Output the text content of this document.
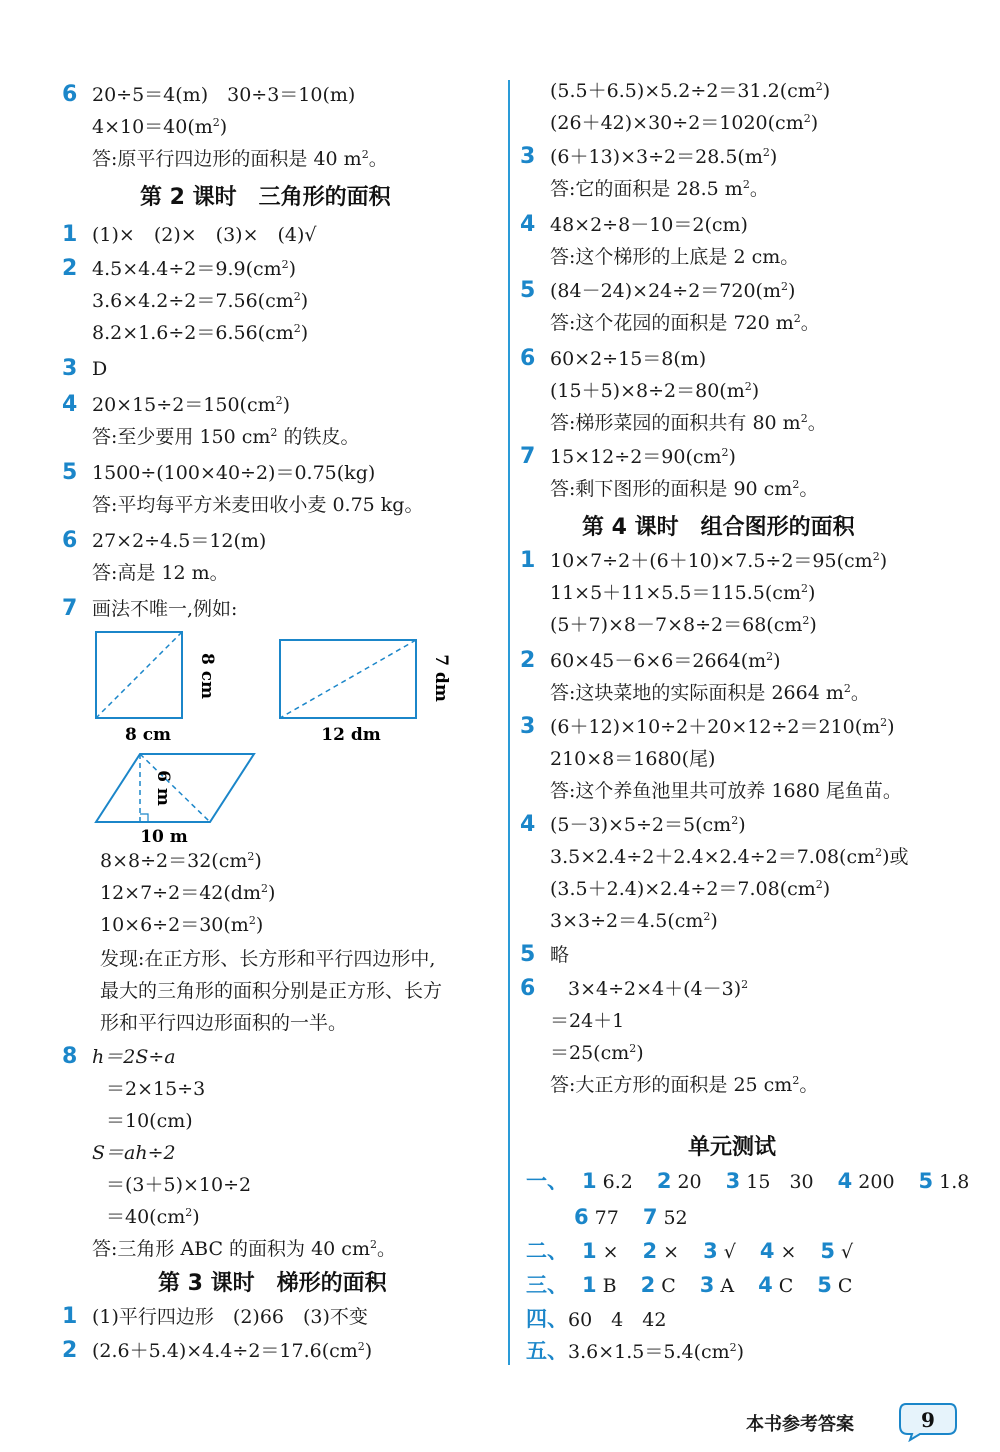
6 20÷5＝4(m)　30÷3＝10(m)
$4\times 10=40(m^2)$
答:原平行四边形的面积是 40 $m^2$。
第 2 课时　三角形的面积
1 (1)×　(2)×　(3)×　(4)√
2 $4.5\times 4.4\div 2=9.9(cm^2)$
$3.6\times 4.2\div 2=7.56(cm^2)$
$8.2\times 1.6\div 2=6.56(cm^2)$
3 D
4 $20\times 15\div 2=150(cm^2)$
答:至少要用 150 $cm^2$ 的铁皮。
5 1500÷(100×40÷2)＝0.75(kg)
答:平均每平方米麦田收小麦 0.75 kg。
6 27×2÷4.5＝12(m)
答:高是 12 m。
7 画法不唯一,例如:
8 cm
8 cm
7 dm
12 dm
6 m
10 m
$8\times 8\div 2=32(cm^2)$
$12\times 7\div 2=42(dm^2)$
$10\times 6\div 2=30(m^2)$
发现:在正方形、长方形和平行四边形中,
最大的三角形的面积分别是正方形、长方
形和平行四边形面积的一半。
8 h＝2S÷a
＝2×15÷3
＝10(cm)
S＝ah÷2
＝(3＋5)×10÷2
$=40(cm^2)$
答:三角形 ABC 的面积为 40 $cm^2$。
第 3 课时　梯形的面积
1 (1)平行四边形　(2)66　(3)不变
2 $(2.6+5.4)\times 4.4\div 2=17.6(cm^2)$
$(5.5+6.5)\times 5.2\div 2=31.2(cm^2)$
$(26+42)\times 30\div 2=1020(cm^2)$
3 $(6+13)\times 3\div 2=28.5(m^2)$
答:它的面积是 28.5 $m^2$。
4 48×2÷8－10＝2(cm)
答:这个梯形的上底是 2 cm。
5 $(84-24)\times 24\div 2=720(m^2)$
答:这个花园的面积是 720 $m^2$。
6 60×2÷15＝8(m)
$(15+5)\times 8\div 2=80(m^2)$
答:梯形菜园的面积共有 80 $m^2$。
7 $15\times 12\div 2=90(cm^2)$
答:剩下图形的面积是 90 $cm^2$。
第 4 课时　组合图形的面积
1 $10\times 7\div 2+(6+10)\times 7.5\div 2=95(cm^2)$
$11\times 5+11\times 5.5=115.5(cm^2)$
$(5+7)\times 8-7\times 8\div 2=68(cm^2)$
2 $60\times 45-6\times 6=2664(m^2)$
答:这块菜地的实际面积是 2664 $m^2$。
3 $(6+12)\times 10\div 2+20\times 12\div 2=210(m^2)$
210×8＝1680(尾)
答:这个养鱼池里共可放养 1680 尾鱼苗。
4 $(5-3)\times 5\div 2=5(cm^2)$
$3.5\times 2.4\div 2+2.4\times 2.4\div 2=7.08(cm^2)$或
$(3.5+2.4)\times 2.4\div 2=7.08(cm^2)$
$3\times 3\div 2=4.5(cm^2)$
5 略
6	$3\times 4\div 2\times 4+(4-3)^2$
＝24＋1
$=25(cm^2)$
答:大正方形的面积是 25 $cm^2$。
单元测试
一、 1 6.2 2 20 3 15　30 4 200 5 1.8
6 77 7 52
二、 1 × 2 × 3 √ 4 × 5 √
三、 1 B 2 C 3 A 4 C 5 C
四、60　4　42
五、$3.6\times 1.5=5.4(cm^2)$
本书参考答案	9
